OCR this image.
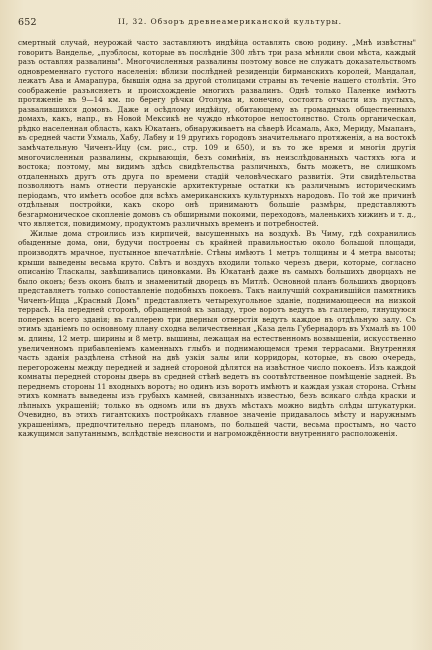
652	II, 32. Обзоръ древнеамериканской культуры.

смертный случай, неурожай часто заставляютъ индѣйца оставлять свою родину. „Мнѣ извѣстны" говоритъ Вандельe, „пуэблосы, которые въ послѣдніе 300 лѣтъ три раза мѣняли свои мѣста, каждый разъ оставляя развалины". Многочисленныя развалины поэтому вовсе не служатъ доказательствомъ одновременнаго густого населенія: вблизи послѣдней резиденціи бирманскихъ королей, Мандалая, лежатъ Ава и Амарапура, бывшія одна за другой столицами страны въ теченіе нашего столѣтія. Это соображеніе разъясняетъ и происхожденіе многихъ развалинъ. Однѣ только Паленке имѣютъ протяженіе въ 9—14 км. по берегу рѣчки Отолума и, конечно, состоятъ отчасти изъ пустыхъ, развалившихся домовъ. Даже и осѣдлому индѣйцу, обитающему въ громадныхъ общественныхъ домахъ, какъ, напр., въ Новой Мексикѣ не чуждо нѣкоторое непостоянство. Столь органическая, рѣдко населенная область, какъ Юкатанъ, обнаруживаетъ на сѣверѣ Исамаль, Акэ, Мериду, Мыапанъ, въ средней части Ухмаль, Хабу, Лабну и 19 другихъ городовъ значительнаго протяженія, а на востокѣ замѣчательную Чиченъ-Ицу (см. рис., стр. 109 и 650), и въ то же время и многія другія многочисленныя развалины, скрывающія, безъ сомнѣнія, въ неизслѣдованныхъ частяхъ юга и востока; поэтому, мы видимъ здѣсь свидѣтельства различныхъ, быть можетъ, не слишкомъ отдаленныхъ другъ отъ друга по времени стадій человѣческаго развитія. Эти свидѣтельства позволяютъ намъ отнести перуанскіе архитектурные остатки къ различнымъ историческимъ періодамъ, что имѣетъ особое для всѣхъ американскихъ культурныхъ народовъ. По той же причинѣ отдѣльныя постройки, какъ скоро онѣ принимаютъ большіе размѣры, представляютъ безгармоническое скопленіе домовъ съ обширными покоями, переходовъ, маленькихъ хижинъ и т. д., что является, повидимому, продуктомъ различныхъ временъ и потребностей.

Жилые дома строились изъ кирпичей, высушенныхъ на воздухѣ. Въ Чиму, гдѣ сохранились обыденные дома, они, будучи построены съ крайней правильностью около большой площади, производятъ мрачное, пустынное впечатлѣніе. Стѣны имѣютъ 1 метръ толщины и 4 метра высоты; крыши выведены весьма круто. Свѣтъ и воздухъ входили только черезъ двери, которые, согласно описанію Тласкалы, завѣшивались циновками. Въ Юкатанѣ даже въ самыхъ большихъ дворцахъ не было оконъ; безъ оконъ былъ и знаменитый дворецъ въ Митлѣ. Основной планъ большихъ дворцовъ представляетъ только сопоставленіе подобныхъ покоевъ. Такъ наилучшій сохранившійся памятникъ Чиченъ-Ицца „Красный Домъ" представляетъ четырехугольное зданіе, поднимающееся на низкой террасѣ. На передней сторонѣ, обращенной къ западу, трое воротъ ведутъ въ галлерею, тянущуюся поперекъ всего зданія; въ галлерею три дверныя отверстія ведутъ каждое въ отдѣльную залу. Съ этимъ зданіемъ по основному плану сходна величественная „Казa дель Губернадоръ въ Ухмалѣ въ 100 м. длины, 12 метр. ширины и 8 метр. вышины, лежащая на естественномъ возвышеніи, искусственно увеличенномъ прибавленіемъ каменныхъ глыбъ и поднимающемся тремя террасами. Внутренняя часть зданія раздѣлена стѣной на двѣ узкія залы или корридоры, которые, въ свою очередь, перегорожены между передней и задней стороной дѣлятся на извѣстное число покоевъ. Изъ каждой комнаты передней стороны дверь въ средней стѣнѣ ведетъ въ соотвѣтственное помѣщеніе задней. Въ переднемъ стороны 11 входныхъ воротъ; но одинъ изъ воротъ имѣютъ и каждая узкая сторона. Стѣны этихъ комнатъ выведены изъ грубыхъ камней, связанныхъ известью, безъ всякаго слѣда краски и лѣпныхъ украшеній; только въ одномъ или въ двухъ мѣстахъ можно видѣть слѣды штукатурки. Очевидно, въ этихъ гигантскихъ постройкахъ главное значеніе придавалось мѣсту и наружнымъ украшеніямъ, предпочтительно передъ планомъ, по большей части, весьма простымъ, но часто кажущимся запутаннымъ, вслѣдствіе неясности и нагромождённости внутренняго расположенія.
